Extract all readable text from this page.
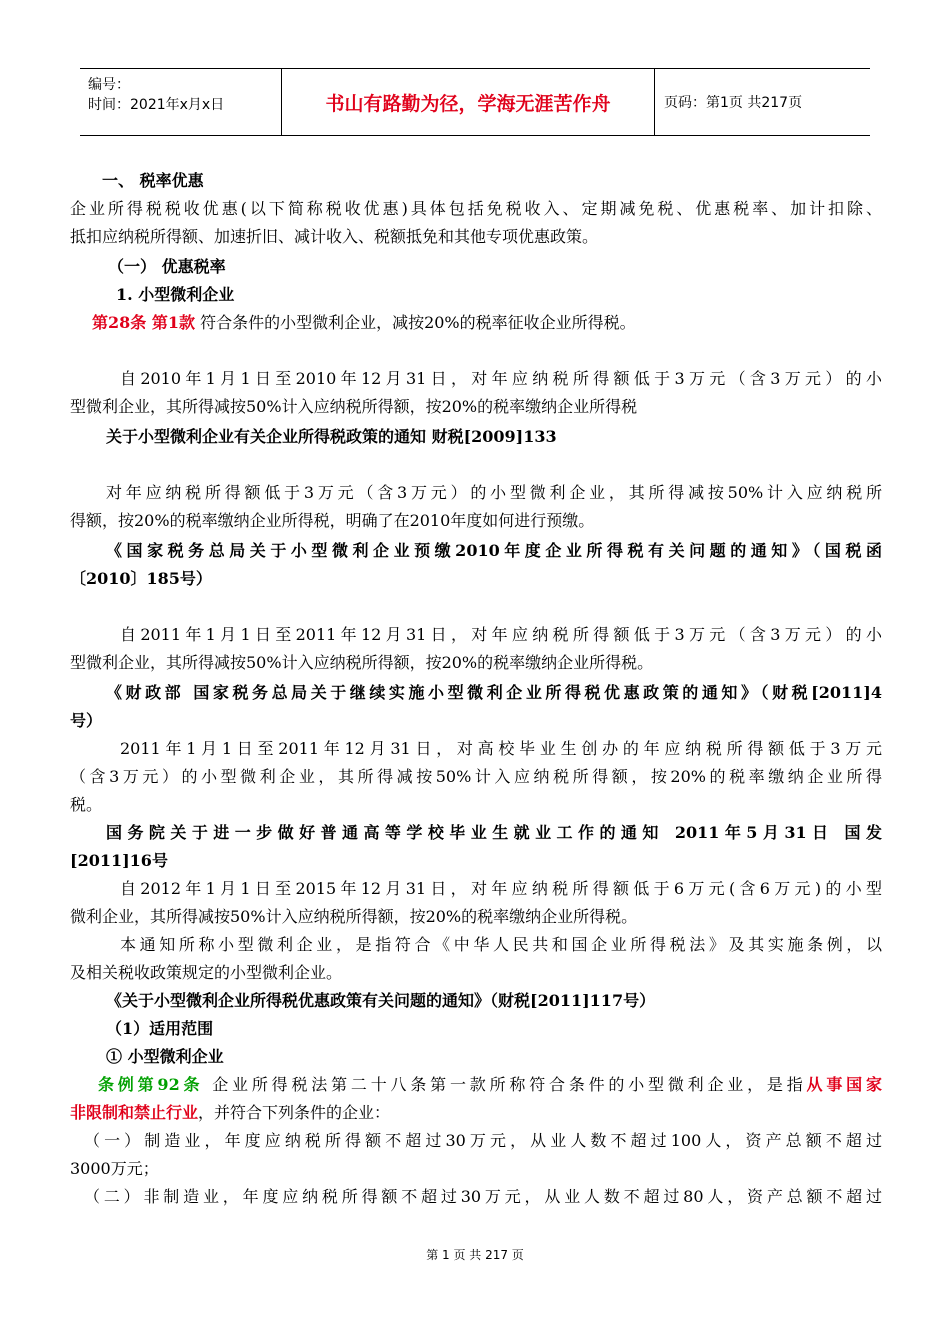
编号：
时间：2021年x月x日	书山有路勤为径，学海无涯苦作舟	页码：第1页 共217页
一、 税率优惠
企业所得税税收优惠(以下简称税收优惠)具体包括免税收入、定期减免税、优惠税率、加计扣除、
抵扣应纳税所得额、加速折旧、减计收入、税额抵免和其他专项优惠政策。
（一） 优惠税率
1. 小型微利企业
第28条 第1款 符合条件的小型微利企业，减按20%的税率征收企业所得税。
自2010年1月1日至2010年12月31日，对年应纳税所得额低于3万元（含3万元）的小
型微利企业，其所得减按50%计入应纳税所得额，按20%的税率缴纳企业所得税
关于小型微利企业有关企业所得税政策的通知 财税[2009]133
对年应纳税所得额低于3万元（含3万元）的小型微利企业，其所得减按50%计入应纳税所
得额，按20%的税率缴纳企业所得税，明确了在2010年度如何进行预缴。
《国家税务总局关于小型微利企业预缴2010年度企业所得税有关问题的通知》（国税函
〔2010〕185号）
自2011年1月1日至2011年12月31日，对年应纳税所得额低于3万元（含3万元）的小
型微利企业，其所得减按50%计入应纳税所得额，按20%的税率缴纳企业所得税。
《财政部 国家税务总局关于继续实施小型微利企业所得税优惠政策的通知》（财税[2011]4
号）
2011年1月1日至2011年12月31日，对高校毕业生创办的年应纳税所得额低于3万元
（含3万元）的小型微利企业，其所得减按50%计入应纳税所得额，按20%的税率缴纳企业所得
税。
国务院关于进一步做好普通高等学校毕业生就业工作的通知 2011年5月31日 国发
[2011]16号
自2012年1月1日至2015年12月31日，对年应纳税所得额低于6万元(含6万元)的小型
微利企业，其所得减按50%计入应纳税所得额，按20%的税率缴纳企业所得税。
本通知所称小型微利企业，是指符合《中华人民共和国企业所得税法》及其实施条例，以
及相关税收政策规定的小型微利企业。
《关于小型微利企业所得税优惠政策有关问题的通知》（财税[2011]117号）
（1）适用范围
① 小型微利企业
条例第92条 企业所得税法第二十八条第一款所称符合条件的小型微利企业，是指从事国家
非限制和禁止行业，并符合下列条件的企业：
（一）制造业，年度应纳税所得额不超过30万元，从业人数不超过100人，资产总额不超过
3000万元；
（二）非制造业，年度应纳税所得额不超过30万元，从业人数不超过80人，资产总额不超过
第 1 页 共 217 页
